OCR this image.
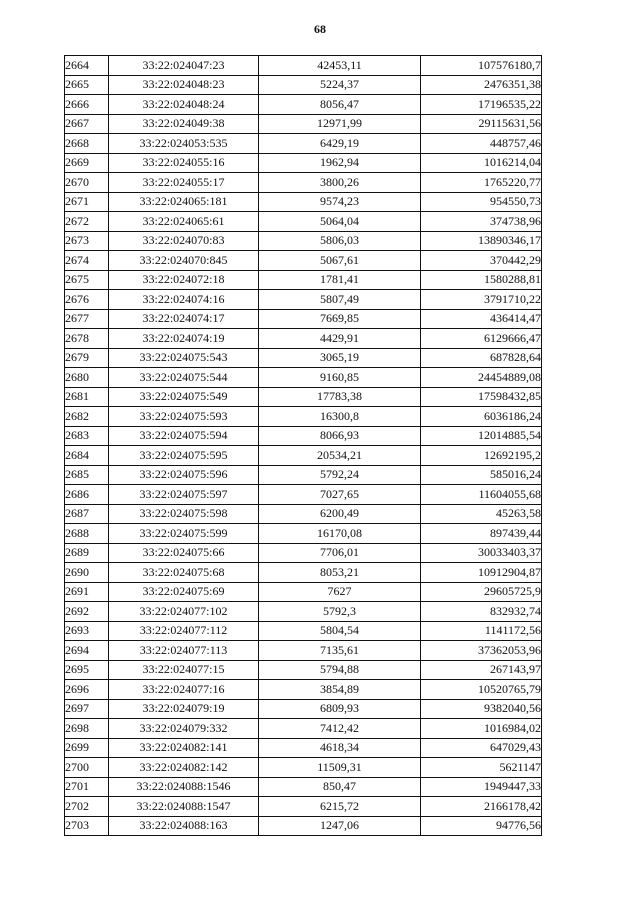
68
2664	33:22:024047:23	42453,11	107576180,7
2665	33:22:024048:23	5224,37	2476351,38
2666	33:22:024048:24	8056,47	17196535,22
2667	33:22:024049:38	12971,99	29115631,56
2668	33:22:024053:535	6429,19	448757,46
2669	33:22:024055:16	1962,94	1016214,04
2670	33:22:024055:17	3800,26	1765220,77
2671	33:22:024065:181	9574,23	954550,73
2672	33:22:024065:61	5064,04	374738,96
2673	33:22:024070:83	5806,03	13890346,17
2674	33:22:024070:845	5067,61	370442,29
2675	33:22:024072:18	1781,41	1580288,81
2676	33:22:024074:16	5807,49	3791710,22
2677	33:22:024074:17	7669,85	436414,47
2678	33:22:024074:19	4429,91	6129666,47
2679	33:22:024075:543	3065,19	687828,64
2680	33:22:024075:544	9160,85	24454889,08
2681	33:22:024075:549	17783,38	17598432,85
2682	33:22:024075:593	16300,8	6036186,24
2683	33:22:024075:594	8066,93	12014885,54
2684	33:22:024075:595	20534,21	12692195,2
2685	33:22:024075:596	5792,24	585016,24
2686	33:22:024075:597	7027,65	11604055,68
2687	33:22:024075:598	6200,49	45263,58
2688	33:22:024075:599	16170,08	897439,44
2689	33:22:024075:66	7706,01	30033403,37
2690	33:22:024075:68	8053,21	10912904,87
2691	33:22:024075:69	7627	29605725,9
2692	33:22:024077:102	5792,3	832932,74
2693	33:22:024077:112	5804,54	1141172,56
2694	33:22:024077:113	7135,61	37362053,96
2695	33:22:024077:15	5794,88	267143,97
2696	33:22:024077:16	3854,89	10520765,79
2697	33:22:024079:19	6809,93	9382040,56
2698	33:22:024079:332	7412,42	1016984,02
2699	33:22:024082:141	4618,34	647029,43
2700	33:22:024082:142	11509,31	5621147
2701	33:22:024088:1546	850,47	1949447,33
2702	33:22:024088:1547	6215,72	2166178,42
2703	33:22:024088:163	1247,06	94776,56
